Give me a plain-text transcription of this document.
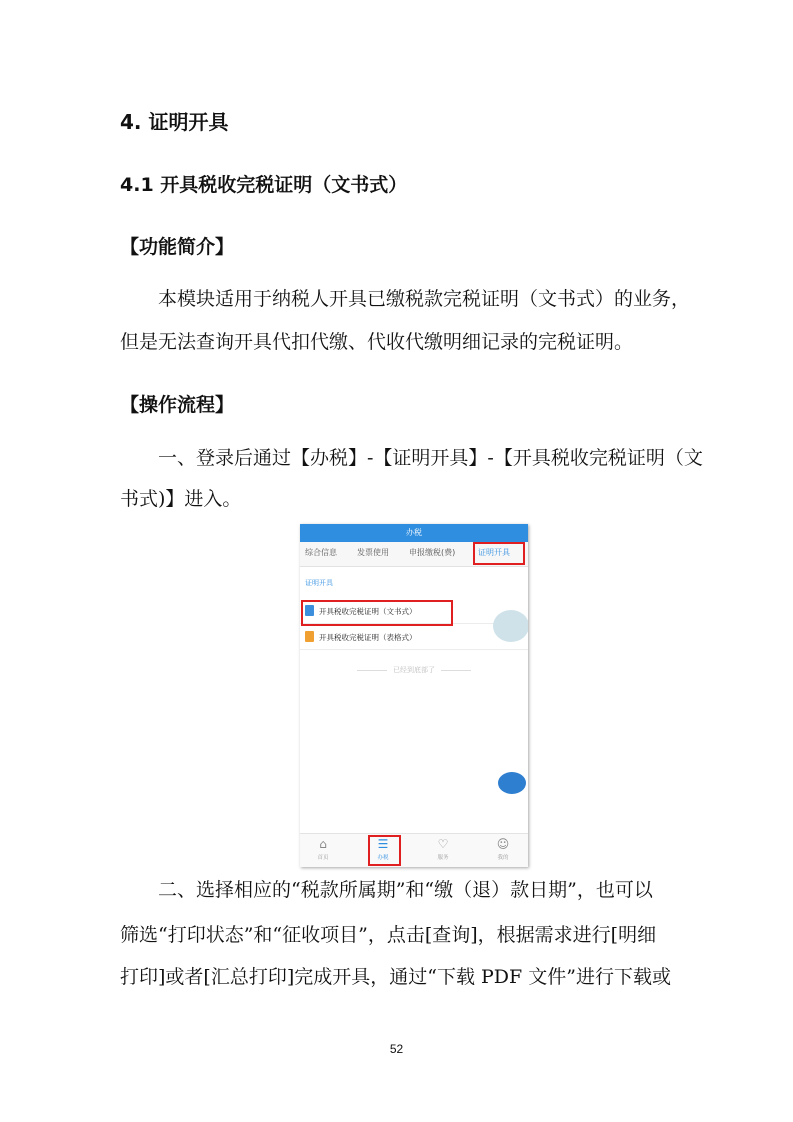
4. 证明开具
4.1 开具税收完税证明（文书式）
【功能简介】
本模块适用于纳税人开具已缴税款完税证明（文书式）的业务，
但是无法查询开具代扣代缴、代收代缴明细记录的完税证明。
【操作流程】
一、登录后通过【办税】-【证明开具】-【开具税收完税证明（文
书式)】进入。
办税
综合信息	发票使用	申报缴税(费)	证明开具
证明开具
开具税收完税证明（文书式）
开具税收完税证明（表格式）
已经到底部了
⌂
首页
☰
办税
♡
服务
☺
我的
二、选择相应的“税款所属期”和“缴（退）款日期”，也可以
筛选“打印状态”和“征收项目”，点击[查询]，根据需求进行[明细
打印]或者[汇总打印]完成开具，通过“下载 PDF 文件”进行下载或
52
